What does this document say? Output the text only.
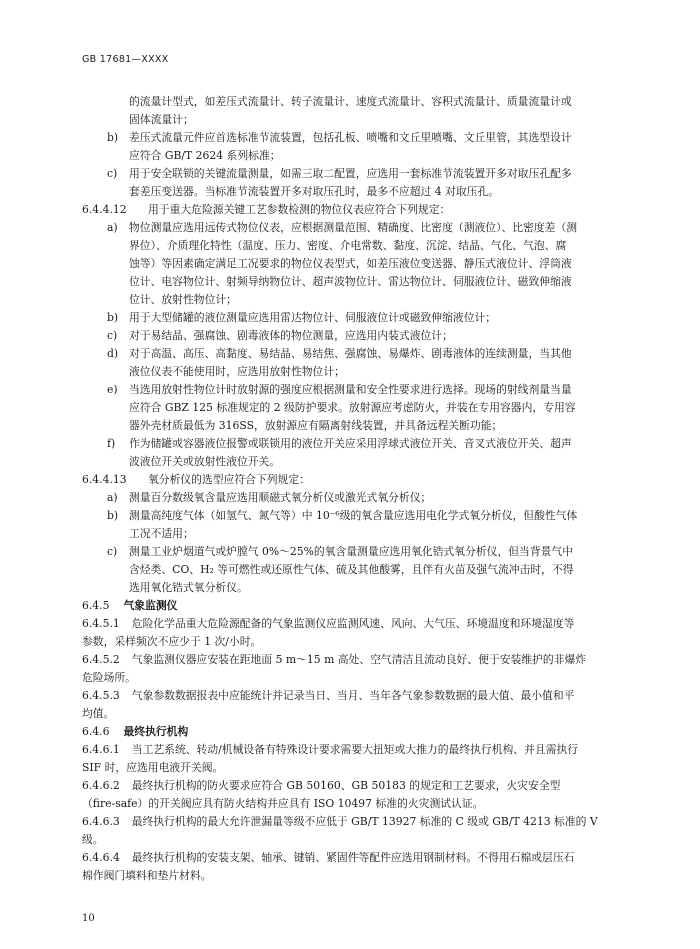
GB 17681—XXXX
的流量计型式，如差压式流量计、转子流量计、速度式流量计、容积式流量计、质量流量计或
固体流量计；
b) 差压式流量元件应首选标准节流装置，包括孔板、喷嘴和文丘里喷嘴、文丘里管，其选型设计
应符合 GB/T 2624 系列标准；
c) 用于安全联锁的关键流量测量，如需三取二配置，应选用一套标准节流装置开多对取压孔配多
套差压变送器。当标准节流装置开多对取压孔时，最多不应超过 4 对取压孔。
6.4.4.12 用于重大危险源关键工艺参数检测的物位仪表应符合下列规定：
a) 物位测量应选用远传式物位仪表，应根据测量范围、精确度、比密度（测液位）、比密度差（测
界位）、介质理化特性（温度、压力、密度、介电常数、黏度、沉淀、结晶、气化、气泡、腐
蚀等）等因素确定满足工况要求的物位仪表型式，如差压液位变送器、静压式液位计、浮筒液
位计、电容物位计、射频导纳物位计、超声波物位计、雷达物位计、伺服液位计、磁致伸缩液
位计、放射性物位计；
b) 用于大型储罐的液位测量应选用雷达物位计、伺服液位计或磁致伸缩液位计；
c) 对于易结晶、强腐蚀、剧毒液体的物位测量，应选用内装式液位计；
d) 对于高温、高压、高黏度、易结晶、易结焦、强腐蚀、易爆炸、剧毒液体的连续测量，当其他
液位仪表不能使用时，应选用放射性物位计；
e) 当选用放射性物位计时放射源的强度应根据测量和安全性要求进行选择。现场的射线剂量当量
应符合 GBZ 125 标准规定的 2 级防护要求。放射源应考虑防火，并装在专用容器内，专用容
器外壳材质最低为 316SS，放射源应有隔离射线装置，并具备远程关断功能；
f) 作为储罐或容器液位报警或联锁用的液位开关应采用浮球式液位开关、音叉式液位开关、超声
波液位开关或放射性液位开关。
6.4.4.13 氧分析仪的选型应符合下列规定：
a) 测量百分数级氧含量应选用顺磁式氧分析仪或激光式氧分析仪；
b) 测量高纯度气体（如氢气、氮气等）中 10⁻⁶级的氧含量应选用电化学式氧分析仪，但酸性气体
工况不适用；
c) 测量工业炉烟道气或炉膛气 0%～25%的氧含量测量应选用氧化锆式氧分析仪，但当背景气中
含烃类、CO、H₂ 等可燃性或还原性气体、硫及其他酸雾，且伴有火苗及强气流冲击时，不得
选用氧化锆式氧分析仪。
6.4.5 气象监测仪
6.4.5.1 危险化学品重大危险源配备的气象监测仪应监测风速、风向、大气压、环境温度和环境湿度等
参数，采样频次不应少于 1 次/小时。
6.4.5.2 气象监测仪器应安装在距地面 5 m～15 m 高处、空气清洁且流动良好、便于安装维护的非爆炸
危险场所。
6.4.5.3 气象参数数据报表中应能统计并记录当日、当月、当年各气象参数数据的最大值、最小值和平
均值。
6.4.6 最终执行机构
6.4.6.1 当工艺系统、转动/机械设备有特殊设计要求需要大扭矩或大推力的最终执行机构、并且需执行
SIF 时，应选用电液开关阀。
6.4.6.2 最终执行机构的防火要求应符合 GB 50160、GB 50183 的规定和工艺要求，火灾安全型
（fire-safe）的开关阀应具有防火结构并应具有 ISO 10497 标准的火灾测试认证。
6.4.6.3 最终执行机构的最大允许泄漏量等级不应低于 GB/T 13927 标准的 C 级或 GB/T 4213 标准的 V
级。
6.4.6.4 最终执行机构的安装支架、轴承、键销、紧固件等配件应选用钢制材料。不得用石棉或层压石
棉作阀门填料和垫片材料。
10
